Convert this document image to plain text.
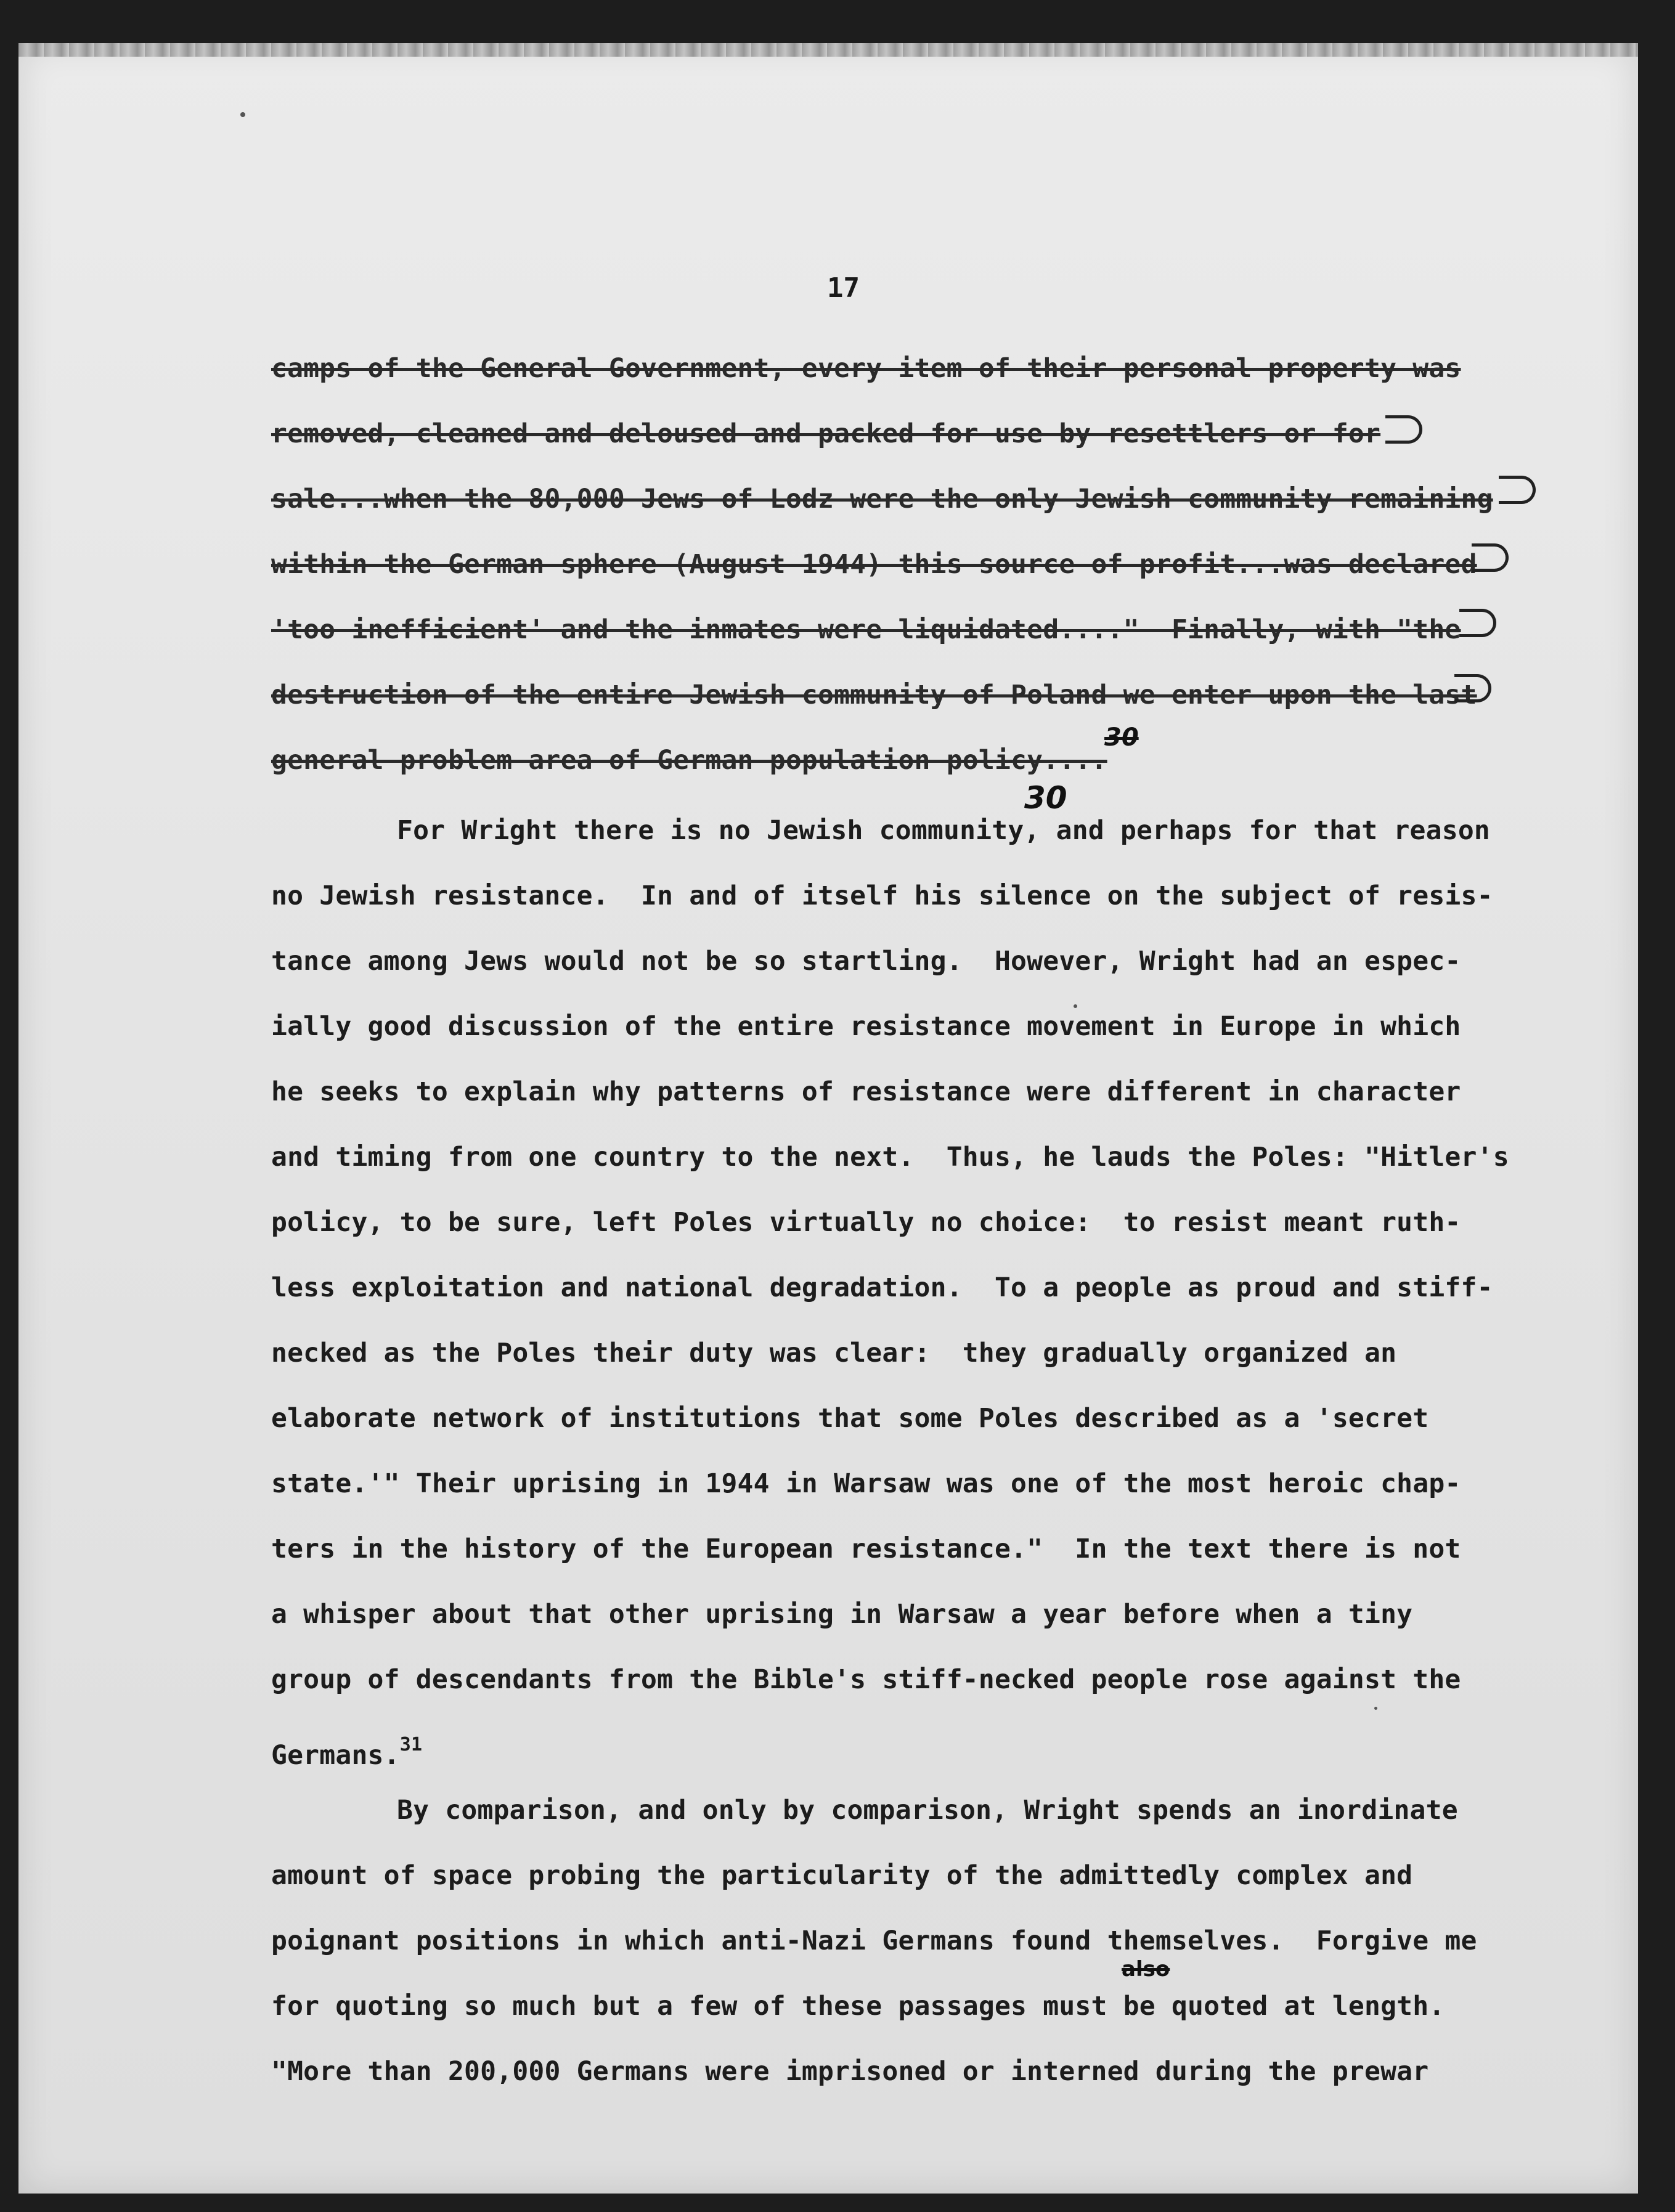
17

camps of the General Government, every item of their personal property was

removed, cleaned and deloused and packed for use by resettlers or for

sale...when the 80,000 Jews of Lodz were the only Jewish community remaining

within the German sphere (August 1944) this source of profit...was declared

'too inefficient' and the inmates were liquidated...."  Finally, with "the

destruction of the entire Jewish community of Poland we enter upon the last

general problem area of German population policy....

30

30

For Wright there is no Jewish community, and perhaps for that reason

no Jewish resistance.  In and of itself his silence on the subject of resis-

tance among Jews would not be so startling.  However, Wright had an espec-

ially good discussion of the entire resistance movement in Europe in which

he seeks to explain why patterns of resistance were different in character

and timing from one country to the next.  Thus, he lauds the Poles: "Hitler's

policy, to be sure, left Poles virtually no choice:  to resist meant ruth-

less exploitation and national degradation.  To a people as proud and stiff-

necked as the Poles their duty was clear:  they gradually organized an

elaborate network of institutions that some Poles described as a 'secret

state.'" Their uprising in 1944 in Warsaw was one of the most heroic chap-

ters in the history of the European resistance."  In the text there is not

a whisper about that other uprising in Warsaw a year before when a tiny

group of descendants from the Bible's stiff-necked people rose against the

Germans.$^{31}$

By comparison, and only by comparison, Wright spends an inordinate

amount of space probing the particularity of the admittedly complex and

poignant positions in which anti-Nazi Germans found themselves.  Forgive me

also

for quoting so much but a few of these passages must be quoted at length.

"More than 200,000 Germans were imprisoned or interned during the prewar
